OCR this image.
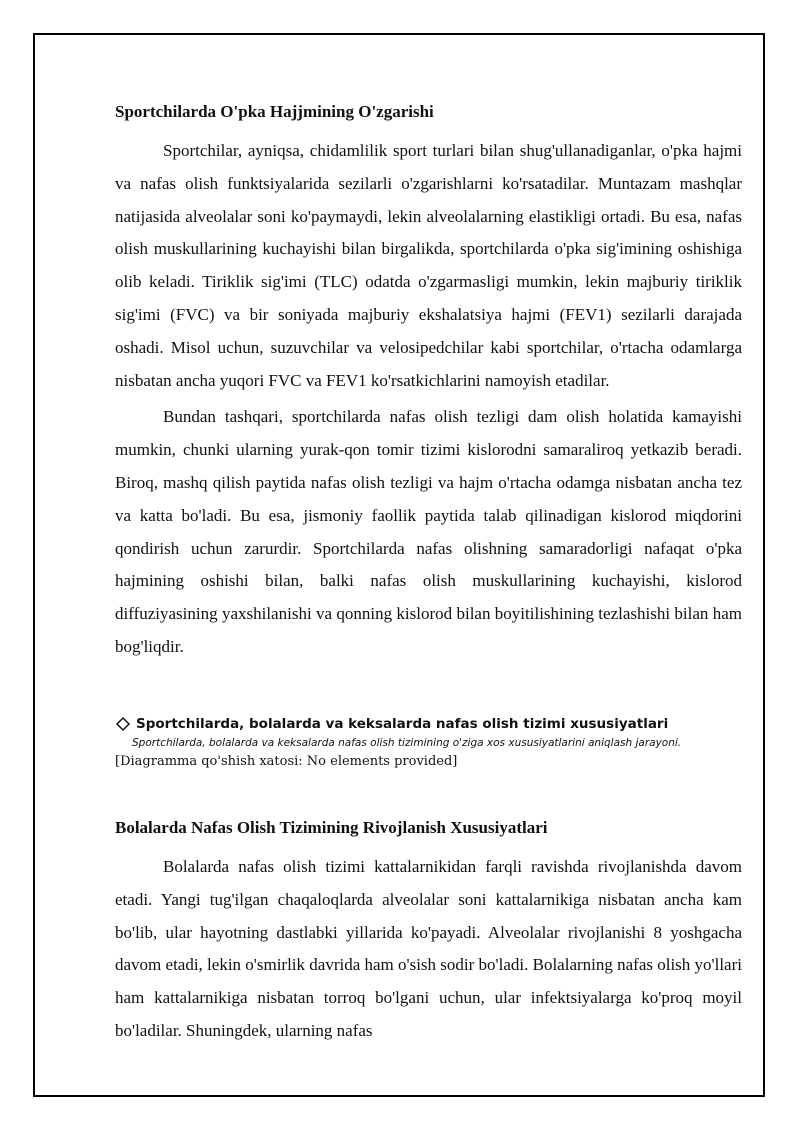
Sportchilarda O'pka Hajjmining O'zgarishi

Sportchilar, ayniqsa, chidamlilik sport turlari bilan shug'ullanadiganlar, o'pka hajmi va nafas olish funktsiyalarida sezilarli o'zgarishlarni ko'rsatadilar. Muntazam mashqlar natijasida alveolalar soni ko'paymaydi, lekin alveolalarning elastikligi ortadi. Bu esa, nafas olish muskullarining kuchayishi bilan birgalikda, sportchilarda o'pka sig'imining oshishiga olib keladi. Tiriklik sig'imi (TLC) odatda o'zgarmasligi mumkin, lekin majburiy tiriklik sig'imi (FVC) va bir soniyada majburiy ekshalatsiya hajmi (FEV1) sezilarli darajada oshadi. Misol uchun, suzuvchilar va velosipedchilar kabi sportchilar, o'rtacha odamlarga nisbatan ancha yuqori FVC va FEV1 ko'rsatkichlarini namoyish etadilar.

Bundan tashqari, sportchilarda nafas olish tezligi dam olish holatida kamayishi mumkin, chunki ularning yurak-qon tomir tizimi kislorodni samaraliroq yetkazib beradi. Biroq, mashq qilish paytida nafas olish tezligi va hajm o'rtacha odamga nisbatan ancha tez va katta bo'ladi. Bu esa, jismoniy faollik paytida talab qilinadigan kislorod miqdorini qondirish uchun zarurdir. Sportchilarda nafas olishning samaradorligi nafaqat o'pka hajmining oshishi bilan, balki nafas olish muskullarining kuchayishi, kislorod diffuziyasining yaxshilanishi va qonning kislorod bilan boyitilishining tezlashishi bilan ham bog'liqdir.

Sportchilarda, bolalarda va keksalarda nafas olish tizimi xususiyatlari
Sportchilarda, bolalarda va keksalarda nafas olish tizimining o'ziga xos xususiyatlarini aniqlash jarayoni.
[Diagramma qo'shish xatosi: No elements provided]
Bolalarda Nafas Olish Tizimining Rivojlanish Xususiyatlari

Bolalarda nafas olish tizimi kattalarnikidan farqli ravishda rivojlanishda davom etadi. Yangi tug'ilgan chaqaloqlarda alveolalar soni kattalarnikiga nisbatan ancha kam bo'lib, ular hayotning dastlabki yillarida ko'payadi. Alveolalar rivojlanishi 8 yoshgacha davom etadi, lekin o'smirlik davrida ham o'sish sodir bo'ladi. Bolalarning nafas olish yo'llari ham kattalarnikiga nisbatan torroq bo'lgani uchun, ular infektsiyalarga ko'proq moyil bo'ladilar. Shuningdek, ularning nafas
